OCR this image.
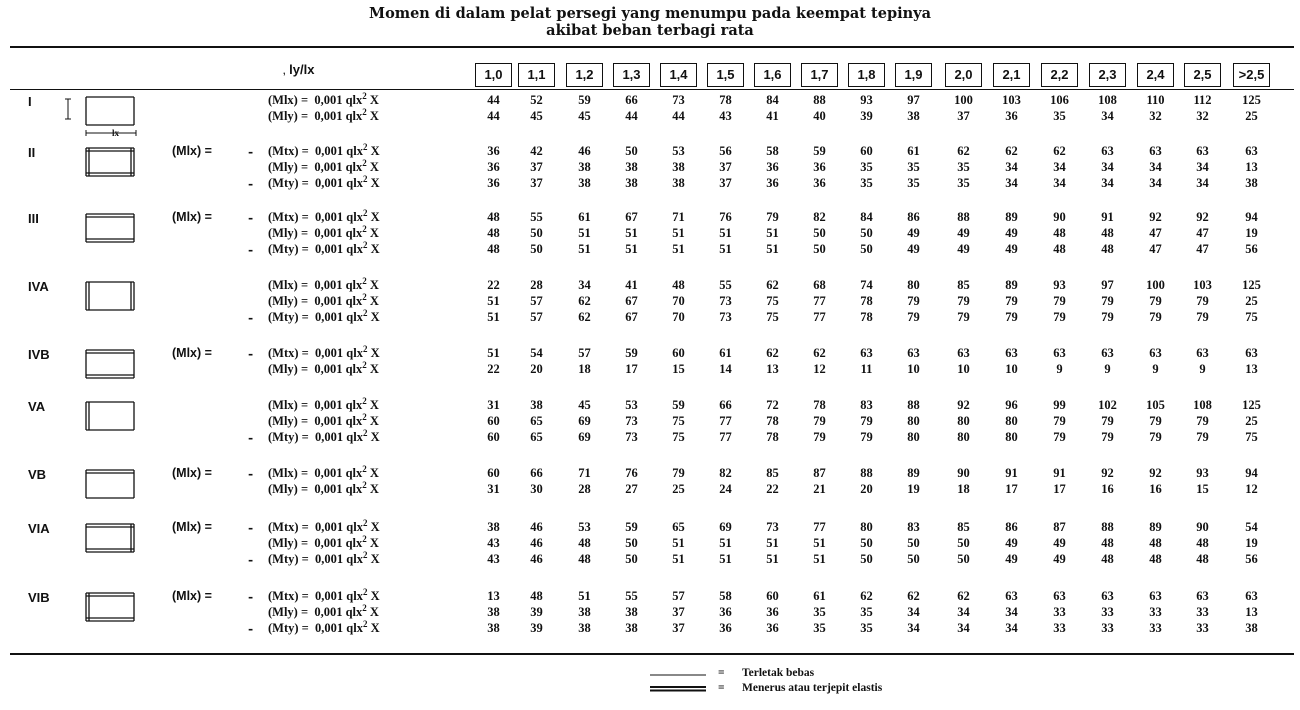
Momen di dalam pelat persegi yang menumpu pada keempat tepinya
akibat beban terbagi rata
, ly/lx	1,0	1,1	1,2	1,3	1,4	1,5	1,6	1,7	1,8	1,9	2,0	2,1	2,2	2,3	2,4	2,5	>2,5
I
lx
(Mlx) = 0,001 qlx$^2$ X	44	52	59	66	73	78	84	88	93	97	100	103	106	108	110	112	125
(Mly) = 0,001 qlx$^2$ X	44	45	45	44	44	43	41	40	39	38	37	36	35	34	32	32	25
II	(Mlx) =	- (Mtx) = 0,001 qlx$^2$ X	36	42	46	50	53	56	58	59	60	61	62	62	62	63	63	63	63
(Mly) = 0,001 qlx$^2$ X	36	37	38	38	38	37	36	36	35	35	35	34	34	34	34	34	13
- (Mty) = 0,001 qlx$^2$ X	36	37	38	38	38	37	36	36	35	35	35	34	34	34	34	34	38
III	(Mlx) =	- (Mtx) = 0,001 qlx$^2$ X	48	55	61	67	71	76	79	82	84	86	88	89	90	91	92	92	94
(Mly) = 0,001 qlx$^2$ X	48	50	51	51	51	51	51	50	50	49	49	49	48	48	47	47	19
- (Mty) = 0,001 qlx$^2$ X	48	50	51	51	51	51	51	50	50	49	49	49	48	48	47	47	56
IVA	(Mlx) = 0,001 qlx$^2$ X	22	28	34	41	48	55	62	68	74	80	85	89	93	97	100	103	125
(Mly) = 0,001 qlx$^2$ X	51	57	62	67	70	73	75	77	78	79	79	79	79	79	79	79	25
- (Mty) = 0,001 qlx$^2$ X	51	57	62	67	70	73	75	77	78	79	79	79	79	79	79	79	75
IVB	(Mlx) =	- (Mtx) = 0,001 qlx$^2$ X	51	54	57	59	60	61	62	62	63	63	63	63	63	63	63	63	63
(Mly) = 0,001 qlx$^2$ X	22	20	18	17	15	14	13	12	11	10	10	10	9	9	9	9	13
VA	(Mlx) = 0,001 qlx$^2$ X	31	38	45	53	59	66	72	78	83	88	92	96	99	102	105	108	125
(Mly) = 0,001 qlx$^2$ X	60	65	69	73	75	77	78	79	79	80	80	80	79	79	79	79	25
- (Mty) = 0,001 qlx$^2$ X	60	65	69	73	75	77	78	79	79	80	80	80	79	79	79	79	75
VB	(Mlx) =	- (Mlx) = 0,001 qlx$^2$ X	60	66	71	76	79	82	85	87	88	89	90	91	91	92	92	93	94
(Mly) = 0,001 qlx$^2$ X	31	30	28	27	25	24	22	21	20	19	18	17	17	16	16	15	12
VIA	(Mlx) =	- (Mtx) = 0,001 qlx$^2$ X	38	46	53	59	65	69	73	77	80	83	85	86	87	88	89	90	54
(Mly) = 0,001 qlx$^2$ X	43	46	48	50	51	51	51	51	50	50	50	49	49	48	48	48	19
- (Mty) = 0,001 qlx$^2$ X	43	46	48	50	51	51	51	51	50	50	50	49	49	48	48	48	56
VIB	(Mlx) =	- (Mtx) = 0,001 qlx$^2$ X	13	48	51	55	57	58	60	61	62	62	62	63	63	63	63	63	63
(Mly) = 0,001 qlx$^2$ X	38	39	38	38	37	36	36	35	35	34	34	34	33	33	33	33	13
- (Mty) = 0,001 qlx$^2$ X	38	39	38	38	37	36	36	35	35	34	34	34	33	33	33	33	38
= Terletak bebas
= Menerus atau terjepit elastis
